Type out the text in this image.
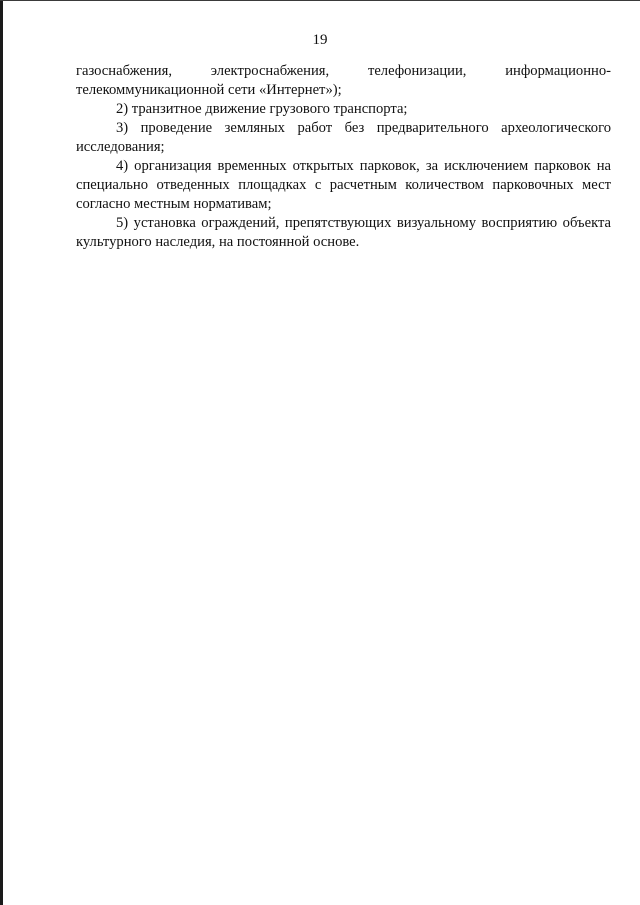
19

газоснабжения,	электроснабжения,	телефонизации,	информационно-
телекоммуникационной сети «Интернет»);

2) транзитное движение грузового транспорта;

3) проведение земляных работ без предварительного археологического исследования;

4) организация временных открытых парковок, за исключением парковок на специально отведенных площадках с расчетным количеством парковочных мест согласно местным нормативам;

5) установка ограждений, препятствующих визуальному восприятию объекта культурного наследия, на постоянной основе.
